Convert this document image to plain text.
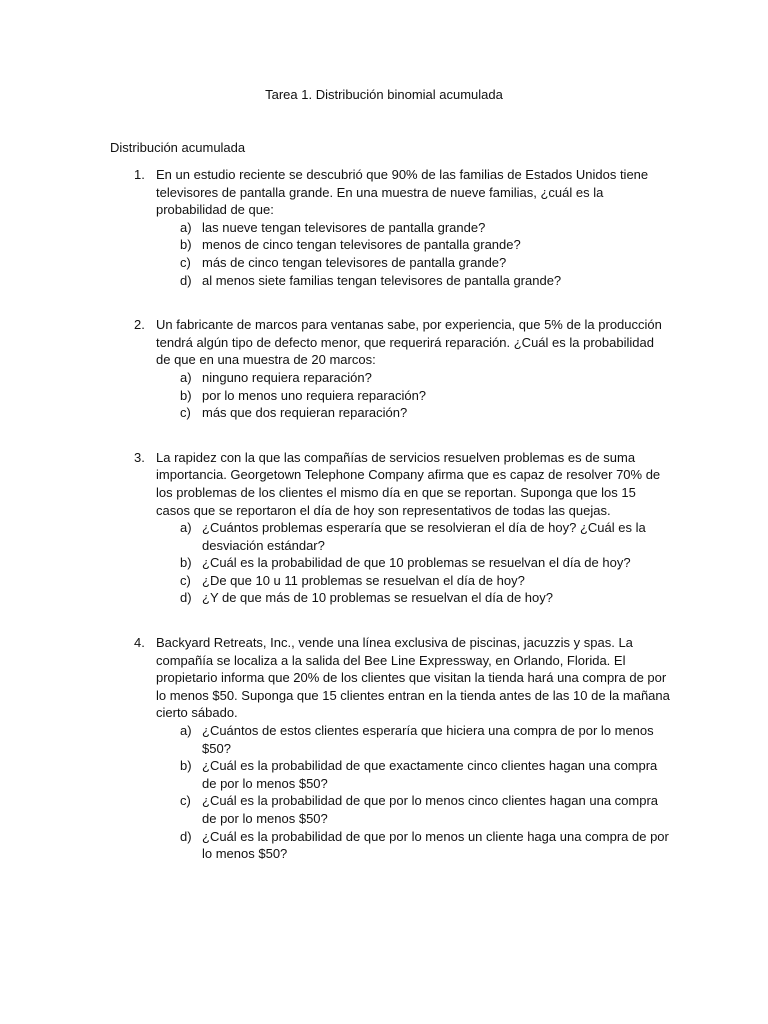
Tarea 1. Distribución binomial acumulada
Distribución acumulada
1. En un estudio reciente se descubrió que 90% de las familias de Estados Unidos tiene televisores de pantalla grande. En una muestra de nueve familias, ¿cuál es la probabilidad de que:
a) las nueve tengan televisores de pantalla grande?
b) menos de cinco tengan televisores de pantalla grande?
c) más de cinco tengan televisores de pantalla grande?
d) al menos siete familias tengan televisores de pantalla grande?
2. Un fabricante de marcos para ventanas sabe, por experiencia, que 5% de la producción tendrá algún tipo de defecto menor, que requerirá reparación. ¿Cuál es la probabilidad de que en una muestra de 20 marcos:
a) ninguno requiera reparación?
b) por lo menos uno requiera reparación?
c) más que dos requieran reparación?
3. La rapidez con la que las compañías de servicios resuelven problemas es de suma importancia. Georgetown Telephone Company afirma que es capaz de resolver 70% de los problemas de los clientes el mismo día en que se reportan. Suponga que los 15 casos que se reportaron el día de hoy son representativos de todas las quejas.
a) ¿Cuántos problemas esperaría que se resolvieran el día de hoy? ¿Cuál es la desviación estándar?
b) ¿Cuál es la probabilidad de que 10 problemas se resuelvan el día de hoy?
c) ¿De que 10 u 11 problemas se resuelvan el día de hoy?
d) ¿Y de que más de 10 problemas se resuelvan el día de hoy?
4. Backyard Retreats, Inc., vende una línea exclusiva de piscinas, jacuzzis y spas. La compañía se localiza a la salida del Bee Line Expressway, en Orlando, Florida. El propietario informa que 20% de los clientes que visitan la tienda hará una compra de por lo menos $50. Suponga que 15 clientes entran en la tienda antes de las 10 de la mañana cierto sábado.
a) ¿Cuántos de estos clientes esperaría que hiciera una compra de por lo menos $50?
b) ¿Cuál es la probabilidad de que exactamente cinco clientes hagan una compra de por lo menos $50?
c) ¿Cuál es la probabilidad de que por lo menos cinco clientes hagan una compra de por lo menos $50?
d) ¿Cuál es la probabilidad de que por lo menos un cliente haga una compra de por lo menos $50?
